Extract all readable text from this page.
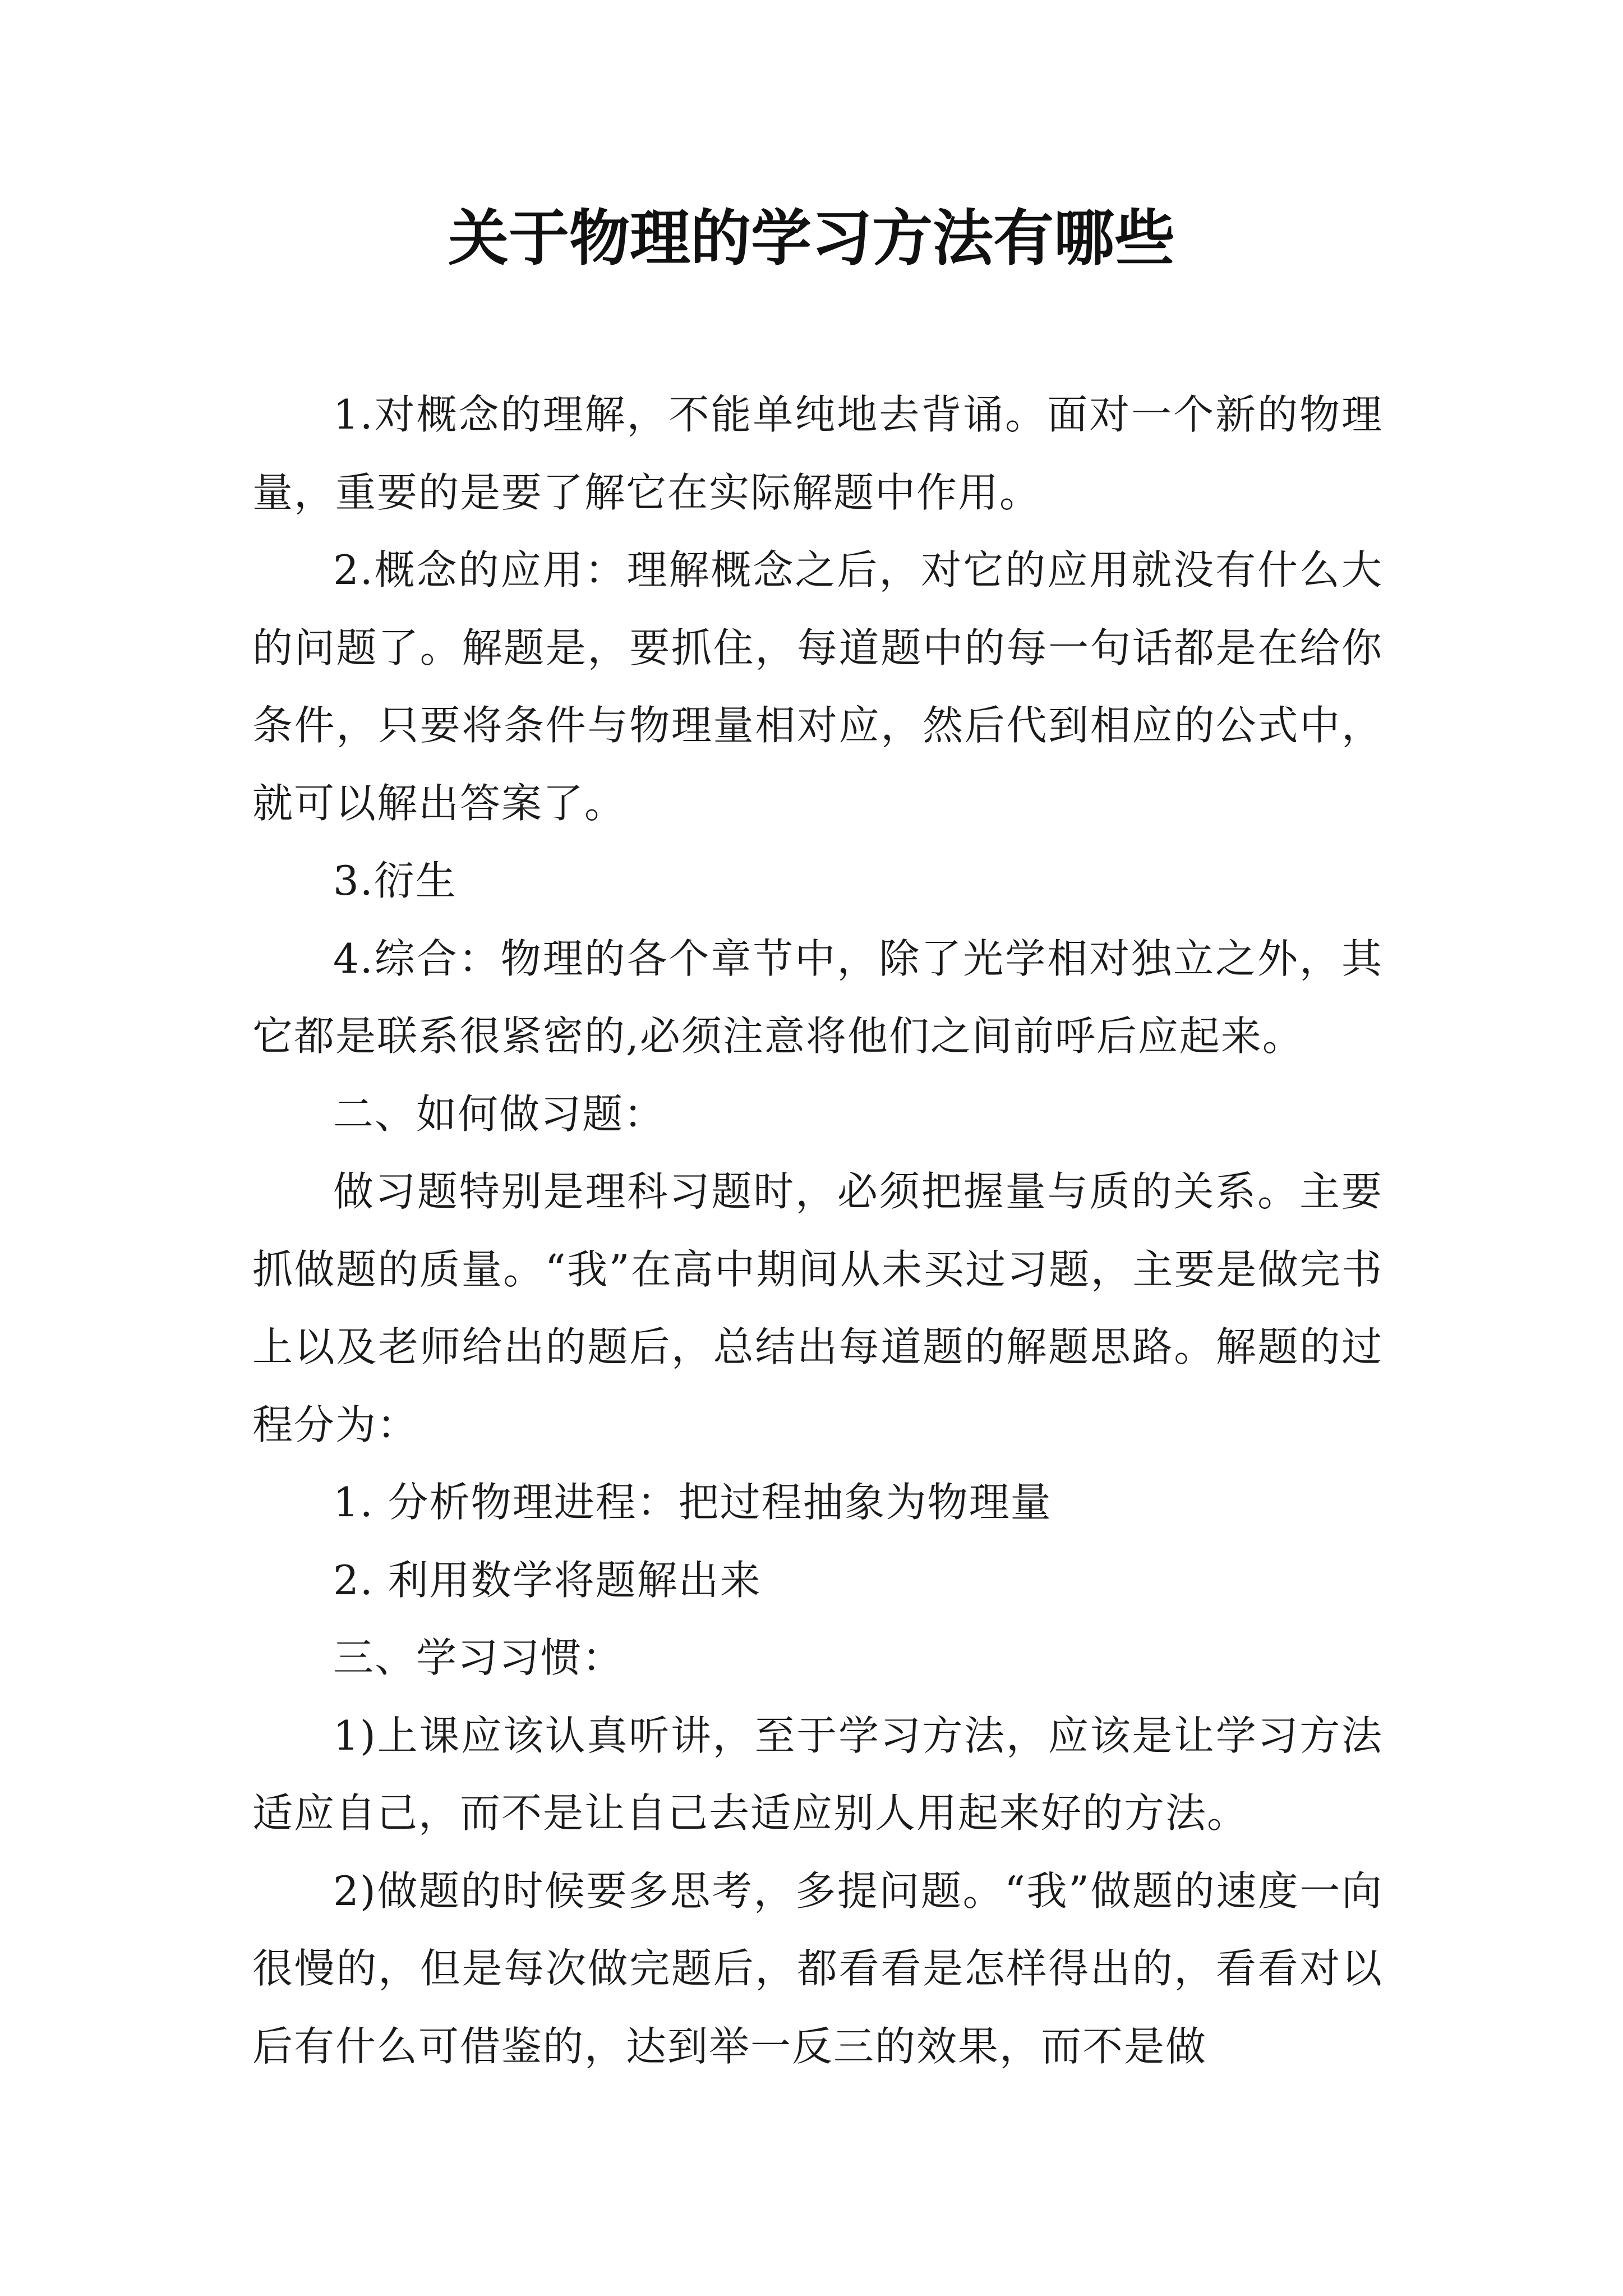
关于物理的学习方法有哪些

1.对概念的理解，不能单纯地去背诵。面对一个新的物理量，重要的是要了解它在实际解题中作用。

2.概念的应用：理解概念之后，对它的应用就没有什么大的问题了。解题是，要抓住，每道题中的每一句话都是在给你条件，只要将条件与物理量相对应，然后代到相应的公式中，就可以解出答案了。

3.衍生

4.综合：物理的各个章节中，除了光学相对独立之外，其它都是联系很紧密的,必须注意将他们之间前呼后应起来。

二、如何做习题：

做习题特别是理科习题时，必须把握量与质的关系。主要抓做题的质量。“我”在高中期间从未买过习题，主要是做完书上以及老师给出的题后，总结出每道题的解题思路。解题的过程分为：

1. 分析物理进程：把过程抽象为物理量

2. 利用数学将题解出来

三、学习习惯：

1)上课应该认真听讲，至于学习方法，应该是让学习方法适应自己，而不是让自己去适应别人用起来好的方法。

2)做题的时候要多思考，多提问题。“我”做题的速度一向很慢的，但是每次做完题后，都看看是怎样得出的，看看对以后有什么可借鉴的，达到举一反三的效果，而不是做
